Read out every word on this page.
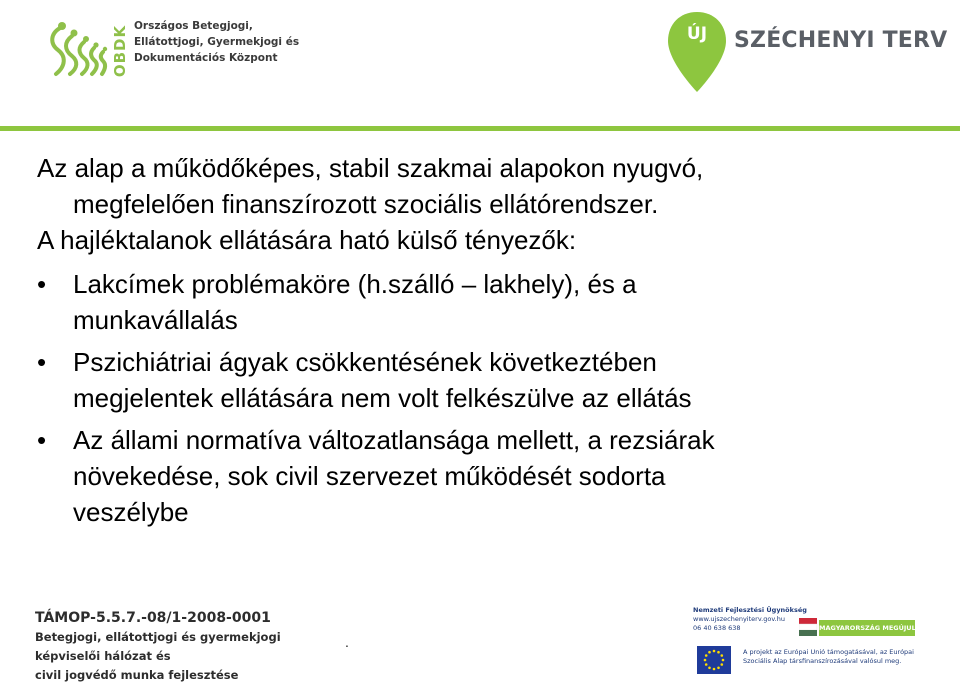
OBDK Országos Betegjogi,
Ellátottjogi, Gyermekjogi és
Dokumentációs Központ
ÚJ	SZÉCHENYI TERV

Az alap a működőképes, stabil szakmai alapokon nyugvó,
megfelelően finanszírozott szociális ellátórendszer.

A hajléktalanok ellátására ható külső tényezők:

•	Lakcímek problémaköre (h.szálló – lakhely), és a
munkavállalás
•	Pszichiátriai ágyak csökkentésének következtében
megjelentek ellátására nem volt felkészülve az ellátás
•	Az állami normatíva változatlansága mellett, a rezsiárak
növekedése, sok civil szervezet működését sodorta
veszélybe
TÁMOP-5.5.7.-08/1-2008-0001
Betegjogi, ellátottjogi és gyermekjogi
képviselői hálózat és
civil jogvédő munka fejlesztése
.
Nemzeti Fejlesztési Ügynökség
www.ujszechenyiterv.gov.hu
06 40 638 638	MAGYARORSZÁG MEGÚJUL
A projekt az Európai Unió támogatásával, az Európai
Szociális Alap társfinanszírozásával valósul meg.
